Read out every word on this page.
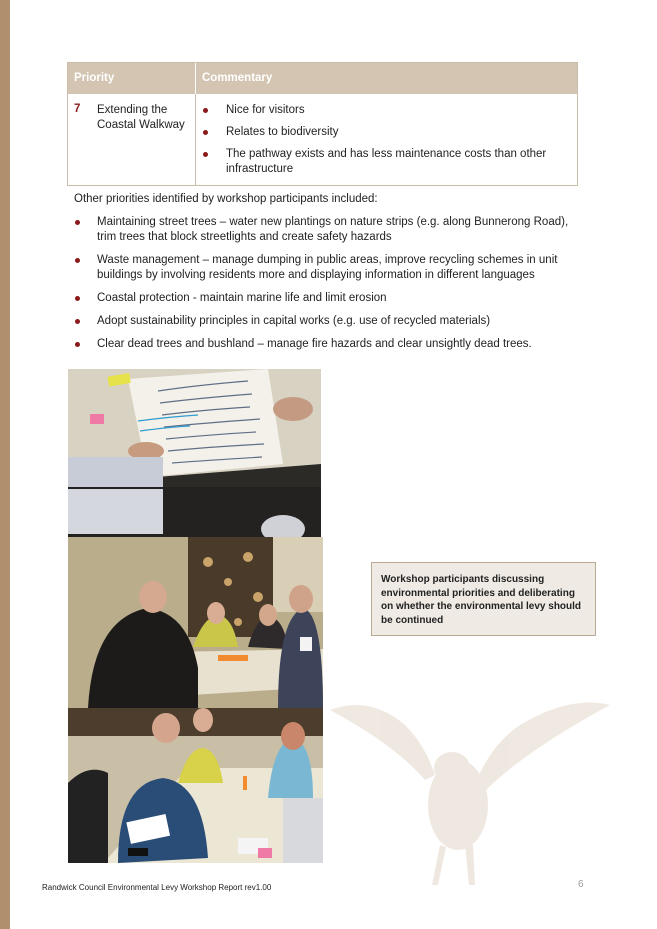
Priority	Commentary
7	Extending the Coastal Walkway
Nice for visitors
Relates to biodiversity
The pathway exists and has less maintenance costs than other infrastructure
Other priorities identified by workshop participants included:
Maintaining street trees – water new plantings on nature strips (e.g. along Bunnerong Road), trim trees that block streetlights and create safety hazards
Waste management – manage dumping in public areas, improve recycling schemes in unit buildings by involving residents more and displaying information in different languages
Coastal protection - maintain marine life and limit erosion
Adopt sustainability principles in capital works (e.g. use of recycled materials)
Clear dead trees and bushland – manage fire hazards and clear unsightly dead trees.
Workshop participants discussing environmental priorities and deliberating on whether the environmental levy should be continued
Randwick Council Environmental Levy Workshop Report rev1.00	6
